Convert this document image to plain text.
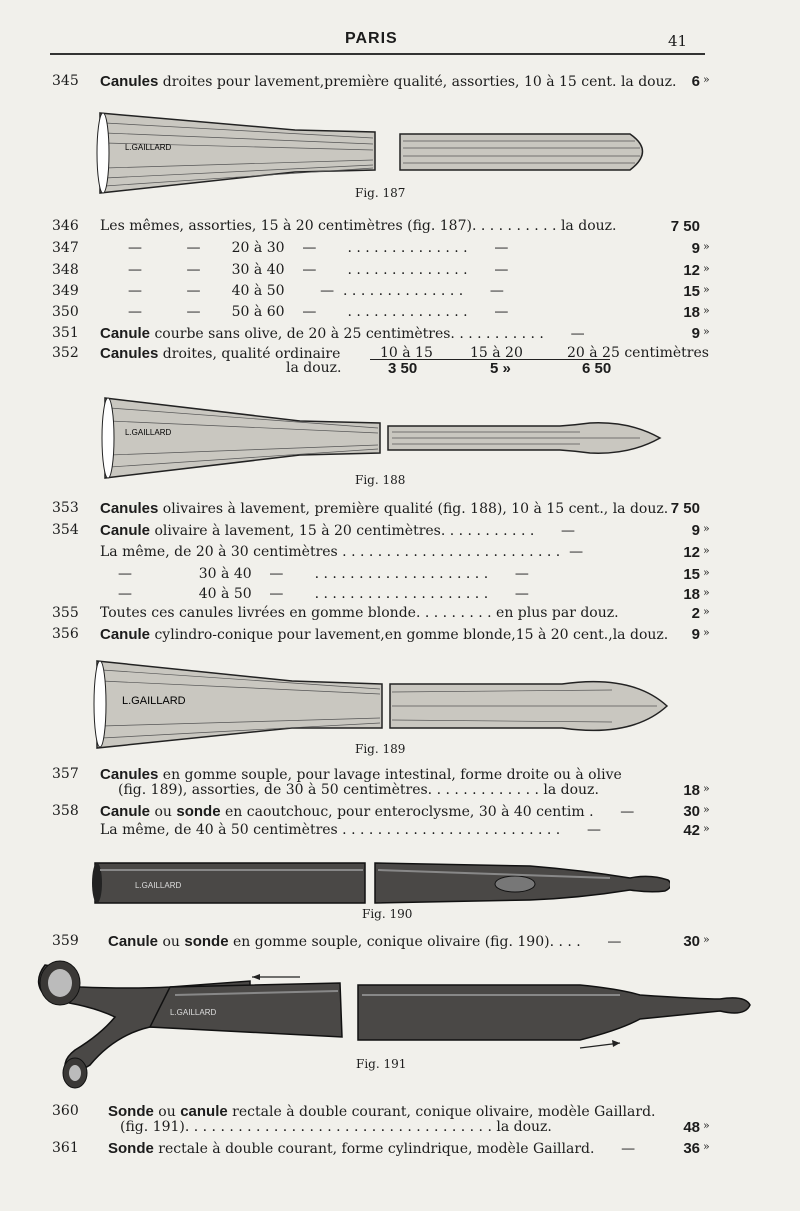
PARIS	41
345 Canules droites pour lavement,première qualité, assorties, 10 à 15 cent. la douz.	6 »
L.GAILLARD
Fig. 187
346 Les mêmes, assorties, 15 à 20 centimètres (fig. 187). . . . . . . . . . la douz.	7 50
347	—          —       20 à 30    —       . . . . . . . . . . . . . .      —	9 »
348	—          —       30 à 40    —       . . . . . . . . . . . . . .      —	12 »
349	—          —       40 à 50        —  . . . . . . . . . . . . . .      —	15 »
350	—          —       50 à 60    —       . . . . . . . . . . . . . .      —	18 »
351 Canule courbe sans olive, de 20 à 25 centimètres. . . . . . . . . . .      —	9 »
352 Canules droites, qualité ordinaire	10 à 15	15 à 20	20 à 25 centimètres
la douz.	3 50	5 »	6 50
L.GAILLARD
Fig. 188
353 Canules olivaires à lavement, première qualité (fig. 188), 10 à 15 cent., la douz. 7 50
354 Canule olivaire à lavement, 15 à 20 centimètres. . . . . . . . . . .      —	9 »
La même, de 20 à 30 centimètres . . . . . . . . . . . . . . . . . . . . . . . . .  —	12 »
—               30 à 40    —       . . . . . . . . . . . . . . . . . . . .      —	15 »
—               40 à 50    —       . . . . . . . . . . . . . . . . . . . .      —	18 »
355 Toutes ces canules livrées en gomme blonde. . . . . . . . . en plus par douz.	2 »
356 Canule cylindro-conique pour lavement,en gomme blonde,15 à 20 cent.,la douz.	9 »
L.GAILLARD
Fig. 189
357 Canules en gomme souple, pour lavage intestinal, forme droite ou à olive
(fig. 189), assorties, de 30 à 50 centimètres. . . . . . . . . . . . . la douz.	18 »
358 Canule ou sonde en caoutchouc, pour enteroclysme, 30 à 40 centim .      —	30 »
La même, de 40 à 50 centimètres . . . . . . . . . . . . . . . . . . . . . . . . .      —	42 »
L.GAILLARD
Fig. 190
359 Canule ou sonde en gomme souple, conique olivaire (fig. 190). . . .      —	30 »
L.GAILLARD
Fig. 191
360 Sonde ou canule rectale à double courant, conique olivaire, modèle Gaillard.
(fig. 191). . . . . . . . . . . . . . . . . . . . . . . . . . . . . . . . . . . la douz.	48 »
361 Sonde rectale à double courant, forme cylindrique, modèle Gaillard.      —	36 »
